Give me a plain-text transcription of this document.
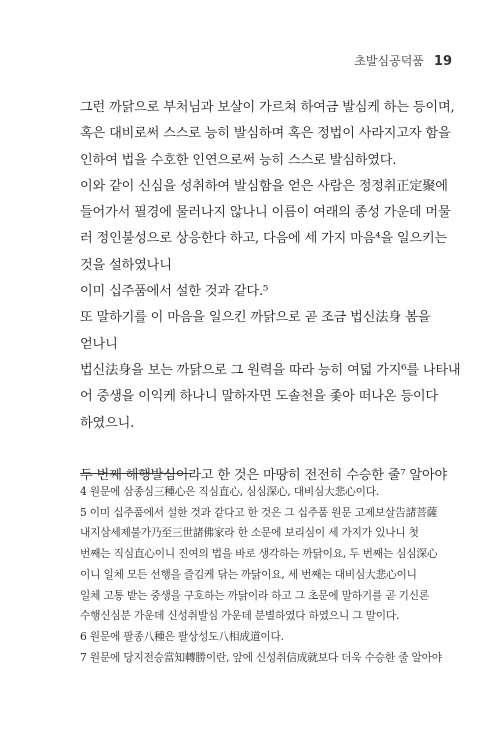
초발심공덕품 19
그런 까닭으로 부처님과 보살이 가르쳐 하여금 발심케 하는 등이며,
혹은 대비로써 스스로 능히 발심하며 혹은 정법이 사라지고자 함을
인하여 법을 수호한 인연으로써 능히 스스로 발심하였다.
이와 같이 신심을 성취하여 발심함을 얻은 사람은 정정취正定聚에
들어가서 필경에 물러나지 않나니 이름이 여래의 종성 가운데 머물
러 정인불성으로 상응한다 하고, 다음에 세 가지 마음⁴을 일으키는
것을 설하였나니
이미 십주품에서 설한 것과 같다.⁵
또 말하기를 이 마음을 일으킨 까닭으로 곧 조금 법신法身 봄을
얻나니
법신法身을 보는 까닭으로 그 원력을 따라 능히 여덟 가지⁶를 나타내
어 중생을 이익케 하나니 말하자면 도솔천을 좇아 떠나온 등이다
하였으니.
두 번째 해행발심이라고 한 것은 마땅히 전전히 수승한 줄⁷ 알아야
4 원문에 삼종심三種心은 직심直心, 심심深心, 대비심大悲心이다.
5 이미 십주품에서 설한 것과 같다고 한 것은 그 십주품 원문 고제보살告諸菩薩
내지삼세제불가乃至三世諸佛家라 한 소문에 보리심이 세 가지가 있나니 첫
번째는 직심直心이니 진여의 법을 바로 생각하는 까닭이요, 두 번째는 심심深心
이니 일체 모든 선행을 즐김케 닦는 까닭이요, 세 번째는 대비심大悲心이니
일체 고통 받는 중생을 구호하는 까닭이라 하고 그 초문에 말하기를 곧 기신론
수행신심분 가운데 신성취발심 가운데 분별하였다 하였으니 그 말이다.
6 원문에 팔종八種은 팔상성도八相成道이다.
7 원문에 당지전승當知轉勝이란, 앞에 신성취信成就보다 더욱 수승한 줄 알아야
